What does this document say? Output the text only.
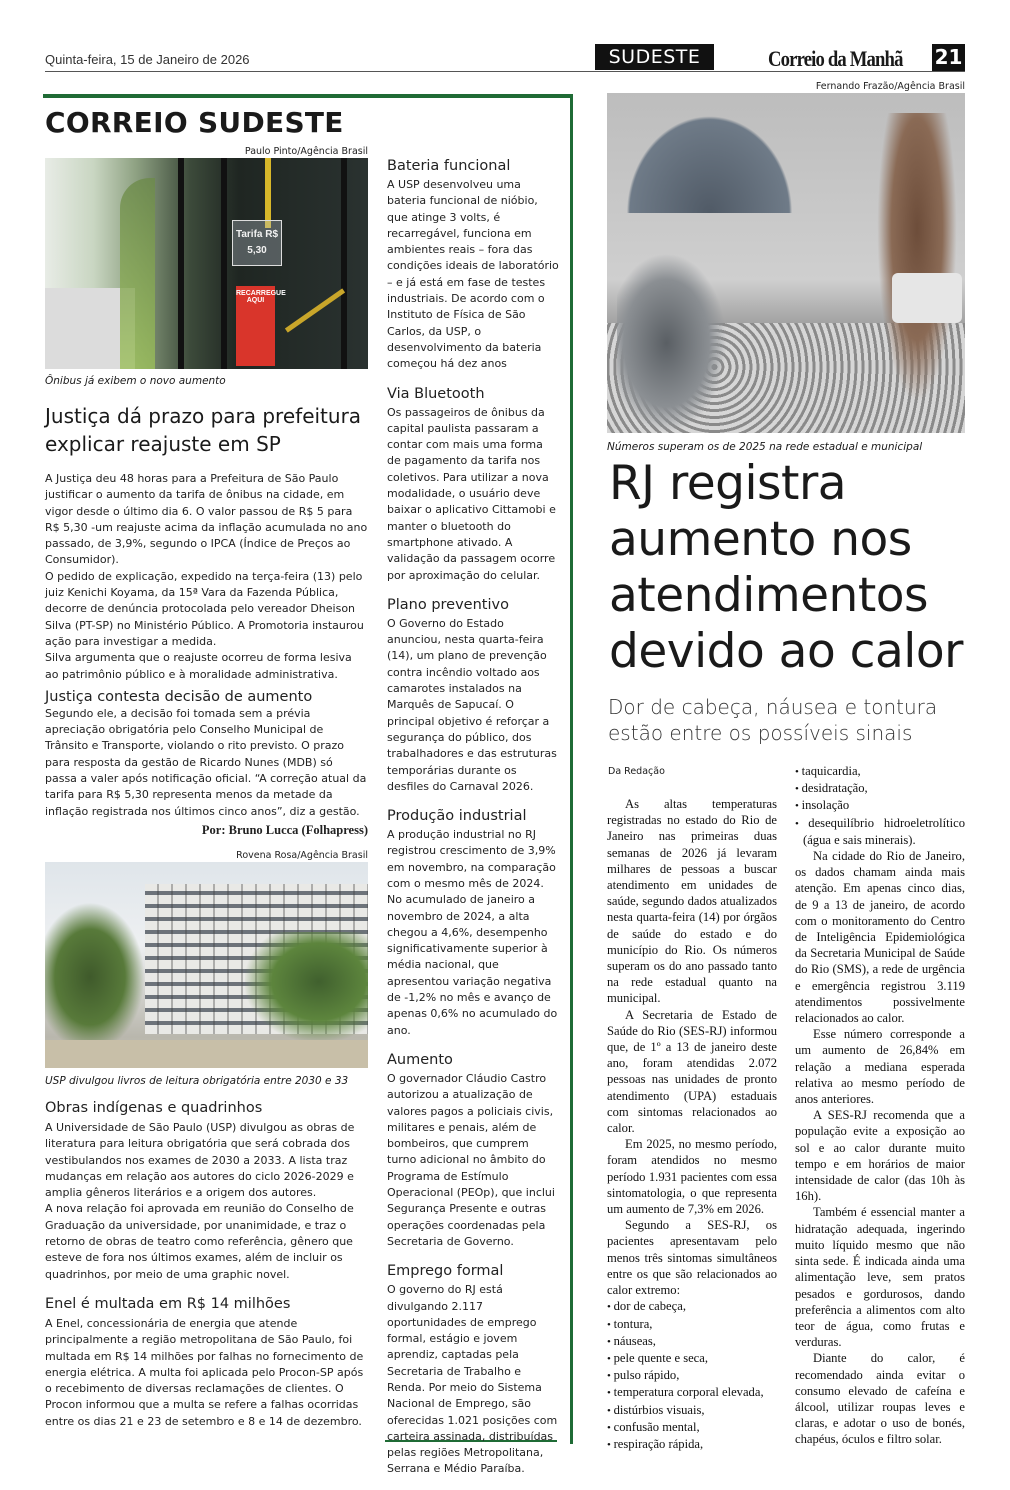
Quinta-feira, 15 de Janeiro de 2026	SUDESTE	Correio da Manhã 21
CORREIO SUDESTE
Paulo Pinto/Agência Brasil
Tarifa R$ 5,30
RECARREGUE AQUI
Ônibus já exibem o novo aumento
Justiça dá prazo para prefeitura explicar reajuste em SP

A Justiça deu 48 horas para a Prefeitura de São Paulo justificar o aumento da tarifa de ônibus na cidade, em vigor desde o último dia 6. O valor passou de R$ 5 para R$ 5,30 -um reajuste acima da inflação acumulada no ano passado, de 3,9%, segundo o IPCA (Índice de Preços ao Consumidor).

O pedido de explicação, expedido na terça-feira (13) pelo juiz Kenichi Koyama, da 15ª Vara da Fazenda Pública, decorre de denúncia protocolada pelo vereador Dheison Silva (PT-SP) no Ministério Público. A Promotoria instaurou ação para investigar a medida.

Silva argumenta que o reajuste ocorreu de forma lesiva ao patrimônio público e à moralidade administrativa.

Justiça contesta decisão de aumento

Segundo ele, a decisão foi tomada sem a prévia apreciação obrigatória pelo Conselho Municipal de Trânsito e Transporte, violando o rito previsto. O prazo para resposta da gestão de Ricardo Nunes (MDB) só passa a valer após notificação oficial. “A correção atual da tarifa para R$ 5,30 representa menos da metade da inflação registrada nos últimos cinco anos”, diz a gestão.

Por: Bruno Lucca (Folhapress)

Rovena Rosa/Agência Brasil
USP divulgou livros de leitura obrigatória entre 2030 e 33
Obras indígenas e quadrinhos

A Universidade de São Paulo (USP) divulgou as obras de literatura para leitura obrigatória que será cobrada dos vestibulandos nos exames de 2030 a 2033. A lista traz mudanças em relação aos autores do ciclo 2026-2029 e amplia gêneros literários e a origem dos autores.

A nova relação foi aprovada em reunião do Conselho de Graduação da universidade, por unanimidade, e traz o retorno de obras de teatro como referência, gênero que esteve de fora nos últimos exames, além de incluir os quadrinhos, por meio de uma graphic novel.

Enel é multada em R$ 14 milhões

A Enel, concessionária de energia que atende principalmente a região metropolitana de São Paulo, foi multada em R$ 14 milhões por falhas no fornecimento de energia elétrica. A multa foi aplicada pelo Procon-SP após o recebimento de diversas reclamações de clientes. O Procon informou que a multa se refere a falhas ocorridas entre os dias 21 e 23 de setembro e 8 e 14 de dezembro.

Bateria funcional

A USP desenvolveu uma bateria funcional de nióbio, que atinge 3 volts, é recarregável, funciona em ambientes reais – fora das condições ideais de laboratório – e já está em fase de testes industriais. De acordo com o Instituto de Física de São Carlos, da USP, o desenvolvimento da bateria começou há dez anos

Via Bluetooth

Os passageiros de ônibus da capital paulista passaram a contar com mais uma forma de pagamento da tarifa nos coletivos. Para utilizar a nova modalidade, o usuário deve baixar o aplicativo Cittamobi e manter o bluetooth do smartphone ativado. A validação da passagem ocorre por aproximação do celular.

Plano preventivo

O Governo do Estado anunciou, nesta quarta-feira (14), um plano de prevenção contra incêndio voltado aos camarotes instalados na Marquês de Sapucaí. O principal objetivo é reforçar a segurança do público, dos trabalhadores e das estruturas temporárias durante os desfiles do Carnaval 2026.

Produção industrial

A produção industrial no RJ registrou crescimento de 3,9% em novembro, na comparação com o mesmo mês de 2024. No acumulado de janeiro a novembro de 2024, a alta chegou a 4,6%, desempenho significativamente superior à média nacional, que apresentou variação negativa de -1,2% no mês e avanço de apenas 0,6% no acumulado do ano.

Aumento

O governador Cláudio Castro autorizou a atualização de valores pagos a policiais civis, militares e penais, além de bombeiros, que cumprem turno adicional no âmbito do Programa de Estímulo Operacional (PEOp), que inclui Segurança Presente e outras operações coordenadas pela Secretaria de Governo.

Emprego formal

O governo do RJ está divulgando 2.117 oportunidades de emprego formal, estágio e jovem aprendiz, captadas pela Secretaria de Trabalho e Renda. Por meio do Sistema Nacional de Emprego, são oferecidas 1.021 posições com carteira assinada, distribuídas pelas regiões Metropolitana, Serrana e Médio Paraíba.

Fernando Frazão/Agência Brasil
Números superam os de 2025 na rede estadual e municipal
RJ registra aumento nos atendimentos devido ao calor
Dor de cabeça, náusea e tontura estão entre os possíveis sinais
Da Redação

As altas temperaturas registradas no estado do Rio de Janeiro nas primeiras duas semanas de 2026 já levaram milhares de pessoas a buscar atendimento em unidades de saúde, segundo dados atualizados nesta quarta-feira (14) por órgãos de saúde do estado e do município do Rio. Os números superam os do ano passado tanto na rede estadual quanto na municipal.

A Secretaria de Estado de Saúde do Rio (SES-RJ) informou que, de 1º a 13 de janeiro deste ano, foram atendidas 2.072 pessoas nas unidades de pronto atendimento (UPA) estaduais com sintomas relacionados ao calor.

Em 2025, no mesmo período, foram atendidos no mesmo período 1.931 pacientes com essa sintomatologia, o que representa um aumento de 7,3% em 2026.

Segundo a SES-RJ, os pacientes apresentavam pelo menos três sintomas simultâneos entre os que são relacionados ao calor extremo:

• dor de cabeça,
• tontura,
• náuseas,
• pele quente e seca,
• pulso rápido,
• temperatura corporal elevada,
• distúrbios visuais,
• confusão mental,
• respiração rápida,
• taquicardia,
• desidratação,
• insolação
• desequilíbrio hidroeletrolítico (água e sais minerais).

Na cidade do Rio de Janeiro, os dados chamam ainda mais atenção. Em apenas cinco dias, de 9 a 13 de janeiro, de acordo com o monitoramento do Centro de Inteligência Epidemiológica da Secretaria Municipal de Saúde do Rio (SMS), a rede de urgência e emergência registrou 3.119 atendimentos possivelmente relacionados ao calor.

Esse número corresponde a um aumento de 26,84% em relação a mediana esperada relativa ao mesmo período de anos anteriores.

A SES-RJ recomenda que a população evite a exposição ao sol e ao calor durante muito tempo e em horários de maior intensidade de calor (das 10h às 16h).

Também é essencial manter a hidratação adequada, ingerindo muito líquido mesmo que não sinta sede. É indicada ainda uma alimentação leve, sem pratos pesados e gordurosos, dando preferência a alimentos com alto teor de água, como frutas e verduras.

Diante do calor, é recomendado ainda evitar o consumo elevado de cafeína e álcool, utilizar roupas leves e claras, e adotar o uso de bonés, chapéus, óculos e filtro solar.
